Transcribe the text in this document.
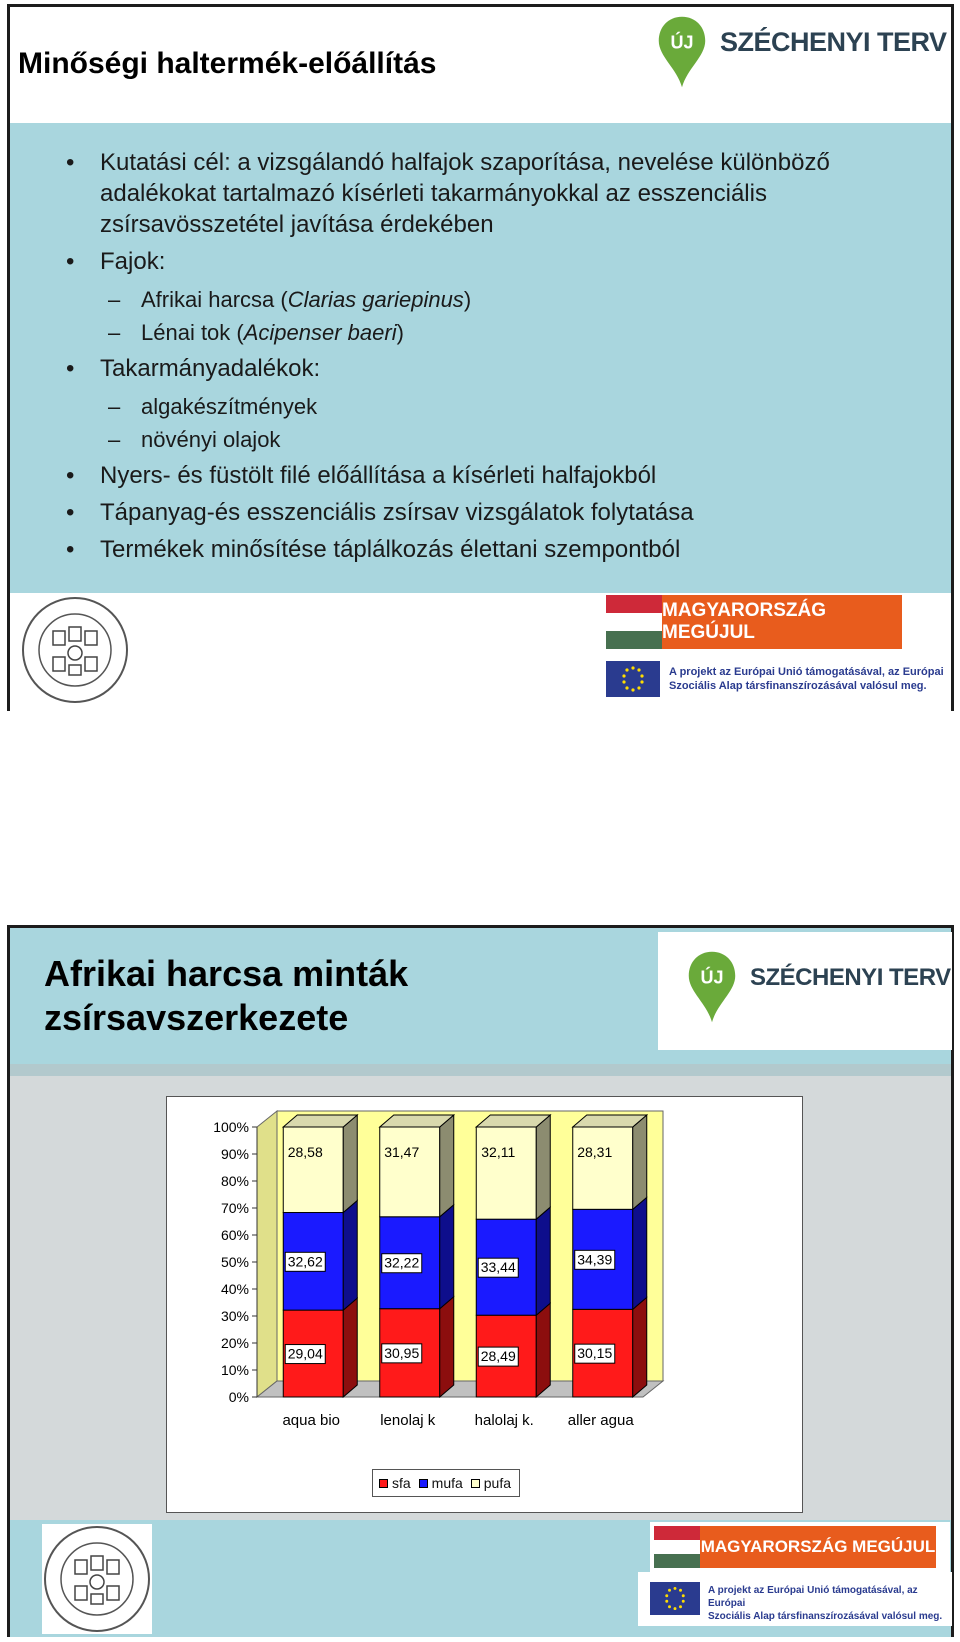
Minőségi haltermék-előállítás
ÚJ SZÉCHENYI TERV
• Kutatási cél: a vizsgálandó halfajok szaporítása, nevelése különböző adalékokat tartalmazó kísérleti takarmányokkal az esszenciális zsírsavösszetétel javítása érdekében
• Fajok:
– Afrikai harcsa (Clarias gariepinus)
– Lénai tok (Acipenser baeri)
• Takarmányadalékok:
– algakészítmények
– növényi olajok
• Nyers- és füstölt filé előállítása a kísérleti halfajokból
• Tápanyag-és esszenciális zsírsav vizsgálatok folytatása
• Termékek minősítése táplálkozás élettani szempontból
MAGYARORSZÁG MEGÚJUL
A projekt az Európai Unió támogatásával, az Európai
Szociális Alap társfinanszírozásával valósul meg.
Afrikai harcsa minták
zsírsavszerkezete
ÚJ SZÉCHENYI TERV
0%
10%
20%
30%
40%
50%
60%
70%
80%
90%
100%
29,04
32,62
28,58
aqua bio
30,95
32,22
31,47
lenolaj k
28,49
33,44
32,11
halolaj k.
30,15
34,39
28,31
aller agua
sfa mufa pufa
MAGYARORSZÁG MEGÚJUL
A projekt az Európai Unió támogatásával, az Európai
Szociális Alap társfinanszírozásával valósul meg.
